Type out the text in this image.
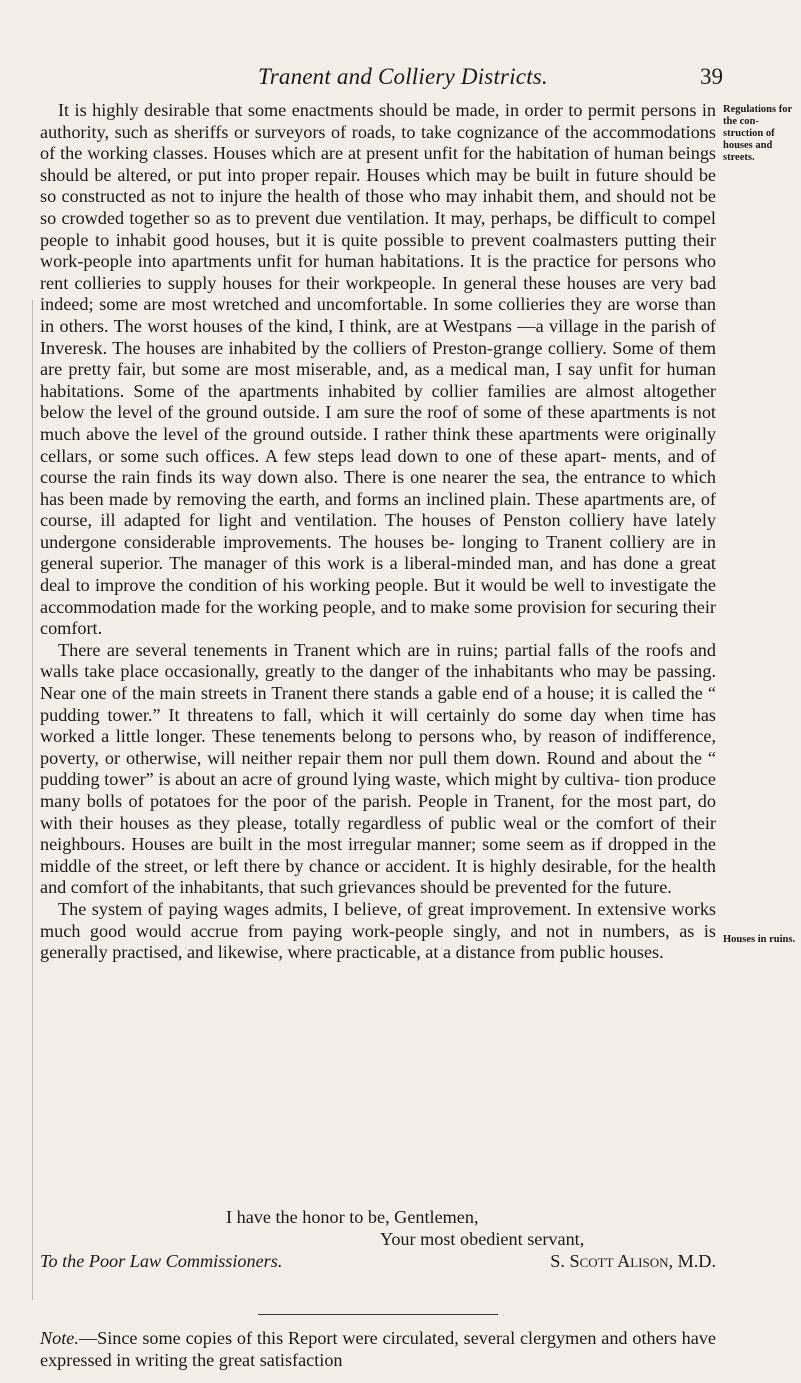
Tranent and Colliery Districts.	39

It is highly desirable that some enactments should be made, in order to permit persons in authority, such as sheriffs or surveyors of roads, to take cognizance of the accommodations of the working classes. Houses which are at present unfit for the habitation of human beings should be altered, or put into proper repair. Houses which may be built in future should be so constructed as not to injure the health of those who may inhabit them, and should not be so crowded together so as to prevent due ventilation. It may, perhaps, be difficult to compel people to inhabit good houses, but it is quite possible to prevent coalmasters putting their work-people into apartments unfit for human habitations. It is the practice for persons who rent collieries to supply houses for their workpeople. In general these houses are very bad indeed; some are most wretched and uncomfortable. In some collieries they are worse than in others. The worst houses of the kind, I think, are at Westpans —a village in the parish of Inveresk. The houses are inhabited by the colliers of Preston-grange colliery. Some of them are pretty fair, but some are most miserable, and, as a medical man, I say unfit for human habitations. Some of the apartments inhabited by collier families are almost altogether below the level of the ground outside. I am sure the roof of some of these apartments is not much above the level of the ground outside. I rather think these apartments were originally cellars, or some such offices. A few steps lead down to one of these apart- ments, and of course the rain finds its way down also. There is one nearer the sea, the entrance to which has been made by removing the earth, and forms an inclined plain. These apartments are, of course, ill adapted for light and ventilation. The houses of Penston colliery have lately undergone considerable improvements. The houses be- longing to Tranent colliery are in general superior. The manager of this work is a liberal-minded man, and has done a great deal to improve the condition of his working people. But it would be well to investigate the accommodation made for the working people, and to make some provision for securing their comfort.

There are several tenements in Tranent which are in ruins; partial falls of the roofs and walls take place occasionally, greatly to the danger of the inhabitants who may be passing. Near one of the main streets in Tranent there stands a gable end of a house; it is called the “ pudding tower.” It threatens to fall, which it will certainly do some day when time has worked a little longer. These tenements belong to persons who, by reason of indifference, poverty, or otherwise, will neither repair them nor pull them down. Round and about the “ pudding tower” is about an acre of ground lying waste, which might by cultiva- tion produce many bolls of potatoes for the poor of the parish. People in Tranent, for the most part, do with their houses as they please, totally regardless of public weal or the comfort of their neighbours. Houses are built in the most irregular manner; some seem as if dropped in the middle of the street, or left there by chance or accident. It is highly desirable, for the health and comfort of the inhabitants, that such grievances should be prevented for the future.

The system of paying wages admits, I believe, of great improvement. In extensive works much good would accrue from paying work-people singly, and not in numbers, as is generally practised, and likewise, where practicable, at a distance from public houses.

Regulations for the con-struction of houses and streets.
Houses in ruins.
I have the honor to be, Gentlemen,
Your most obedient servant,
To the Poor Law Commissioners.	S. Scott Alison, M.D.
Note.—Since some copies of this Report were circulated, several clergymen and others have expressed in writing the great satisfaction
